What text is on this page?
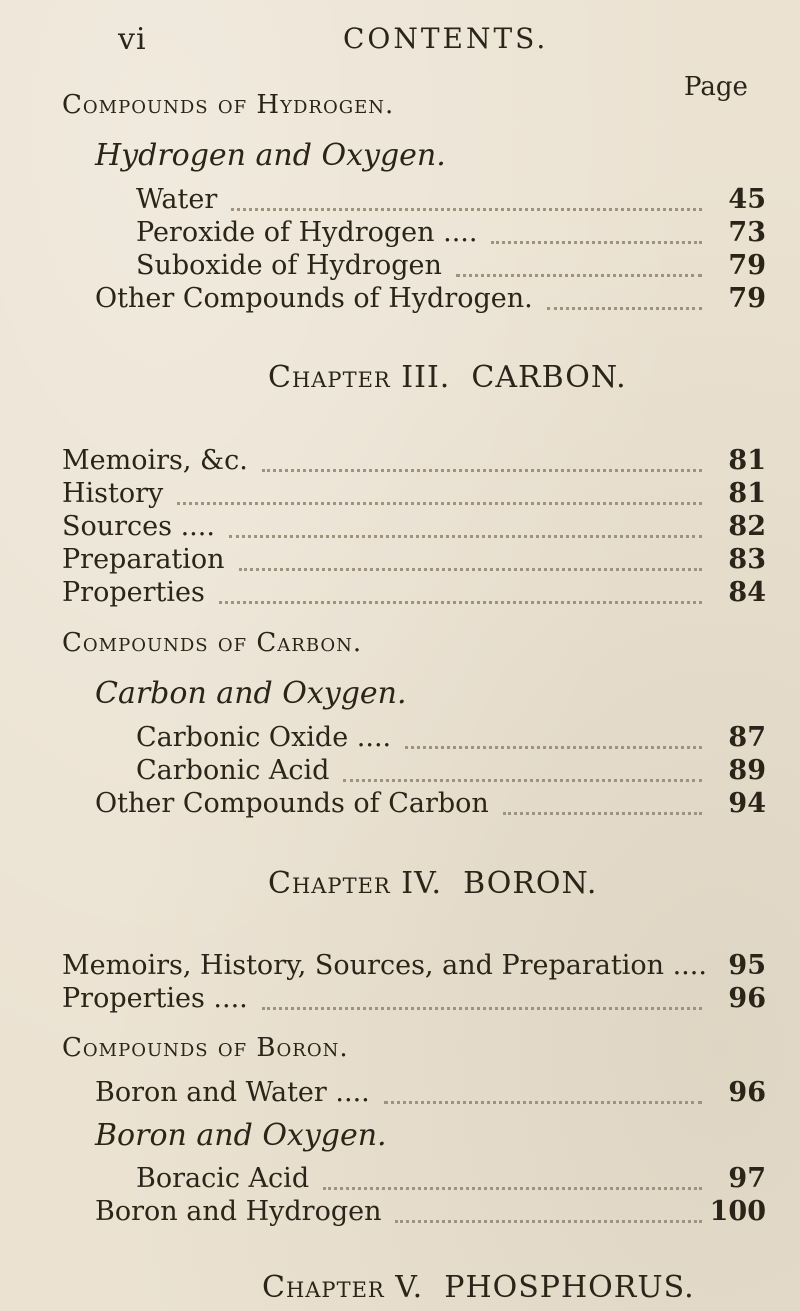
vi	CONTENTS.
Page
Compounds of Hydrogen.
Hydrogen and Oxygen.
Water	45
Peroxide of Hydrogen ....	73
Suboxide of Hydrogen	79
Other Compounds of Hydrogen.	79
Chapter III.  CARBON.
Memoirs, &c.	81
History	81
Sources ....	82
Preparation	83
Properties	84
Compounds of Carbon.
Carbon and Oxygen.
Carbonic Oxide ....	87
Carbonic Acid	89
Other Compounds of Carbon	94
Chapter IV.  BORON.
Memoirs, History, Sources, and Preparation .... 95
Properties ....	96
Compounds of Boron.
Boron and Water ....	96
Boron and Oxygen.
Boracic Acid	97
Boron and Hydrogen	100
Chapter V.  PHOSPHORUS.
